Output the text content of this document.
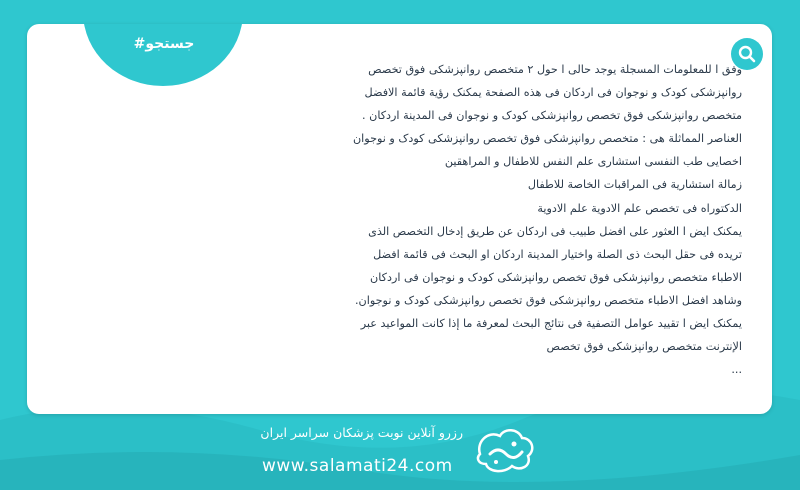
#جستجو

وفق ا للمعلومات المسجلة یوجد حالی ا حول ۲ متخصص روانپزشکی فوق تخصص روانپزشکی کودک و نوجوان فی اردکان فی هذه الصفحة یمکنک رؤیة قائمة الافضل متخصص روانپزشکی فوق تخصص روانپزشکی کودک و نوجوان فی المدینة اردکان .

العناصر المماثلة هی : متخصص روانپزشکی فوق تخصص روانپزشکی کودک و نوجوان

اخصایی طب النفسی استشاری علم النفس للاطفال و المراهقین

زمالة استشاریة فی المراقبات الخاصة للاطفال

الدکتوراه فی تخصص علم الادویة علم الادویة

یمکنک ایض ا العثور علی افضل طبیب فی اردکان عن طریق إدخال التخصص الذی تریده فی حقل البحث ذی الصلة واختیار المدینة اردکان او البحث فی قائمة افضل الاطباء متخصص روانپزشکی فوق تخصص روانپزشکی کودک و نوجوان فی اردکان وشاهد افضل الاطباء متخصص روانپزشکی فوق تخصص روانپزشکی کودک و نوجوان.

یمکنک ایض ا تقیید عوامل التصفیة فی نتائج البحث لمعرفة ما إذا کانت المواعید عبر الإنترنت متخصص روانپزشکی فوق تخصص

...

رزرو آنلاین نوبت پزشکان سراسر ایران
www.salamati24.com
